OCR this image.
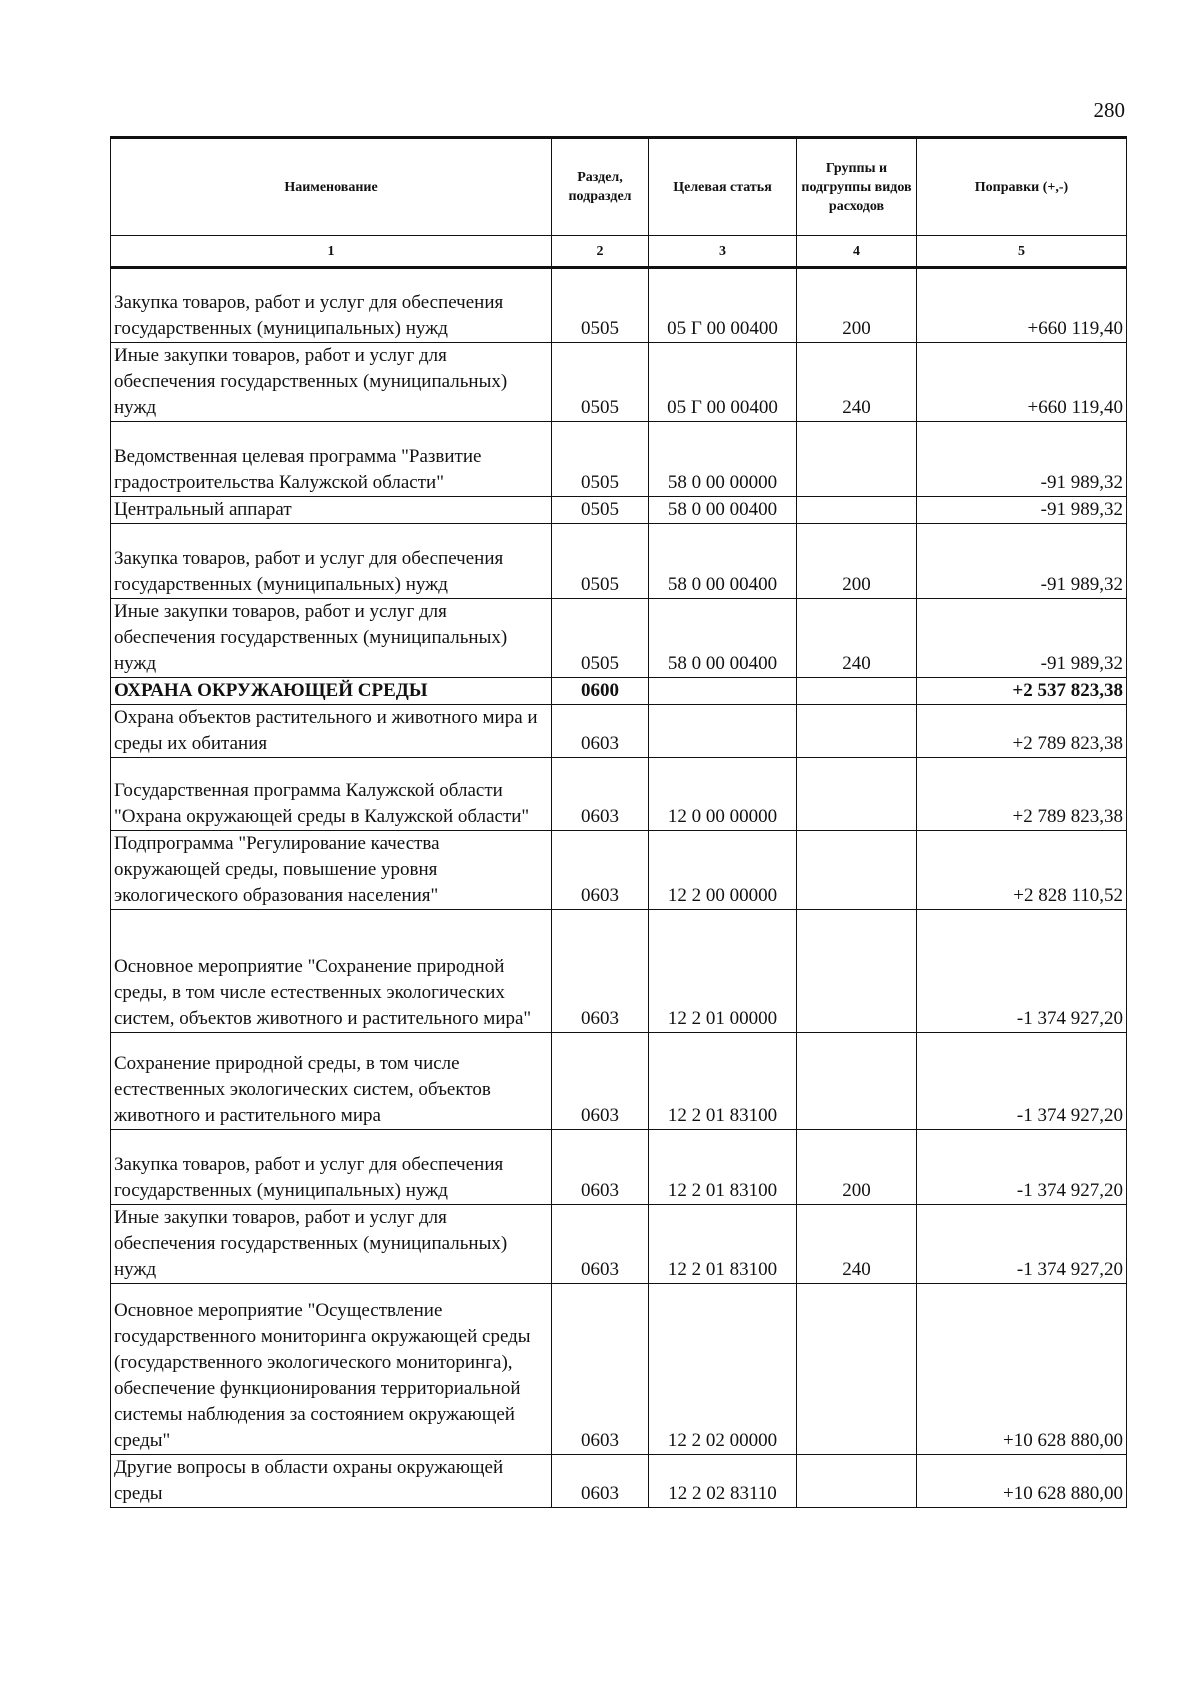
280
Наименование	Раздел, подраздел	Целевая статья	Группы и подгруппы видов расходов	Поправки (+,-)
1	2	3	4	5
Закупка товаров, работ и услуг для обеспечения государственных (муниципальных) нужд	0505	05 Г 00 00400	200	+660 119,40
Иные закупки товаров, работ и услуг для обеспечения государственных (муниципальных) нужд	0505	05 Г 00 00400	240	+660 119,40
Ведомственная целевая программа "Развитие градостроительства Калужской области"	0505	58 0 00 00000		-91 989,32
Центральный аппарат	0505	58 0 00 00400		-91 989,32
Закупка товаров, работ и услуг для обеспечения государственных (муниципальных) нужд	0505	58 0 00 00400	200	-91 989,32
Иные закупки товаров, работ и услуг для обеспечения государственных (муниципальных) нужд	0505	58 0 00 00400	240	-91 989,32
ОХРАНА ОКРУЖАЮЩЕЙ СРЕДЫ	0600			+2 537 823,38
Охрана объектов растительного и животного мира и среды их обитания	0603			+2 789 823,38
Государственная программа Калужской области "Охрана окружающей среды в Калужской области"	0603	12 0 00 00000		+2 789 823,38
Подпрограмма "Регулирование качества окружающей среды, повышение уровня экологического образования населения"	0603	12 2 00 00000		+2 828 110,52
Основное мероприятие "Сохранение природной среды, в том числе естественных экологических систем, объектов животного и растительного мира"	0603	12 2 01 00000		-1 374 927,20
Сохранение природной среды, в том числе естественных экологических систем, объектов животного и растительного мира	0603	12 2 01 83100		-1 374 927,20
Закупка товаров, работ и услуг для обеспечения государственных (муниципальных) нужд	0603	12 2 01 83100	200	-1 374 927,20
Иные закупки товаров, работ и услуг для обеспечения государственных (муниципальных) нужд	0603	12 2 01 83100	240	-1 374 927,20
Основное мероприятие "Осуществление государственного мониторинга окружающей среды (государственного экологического мониторинга), обеспечение функционирования территориальной системы наблюдения за состоянием окружающей среды"	0603	12 2 02 00000		+10 628 880,00
Другие вопросы в области охраны окружающей среды	0603	12 2 02 83110		+10 628 880,00
